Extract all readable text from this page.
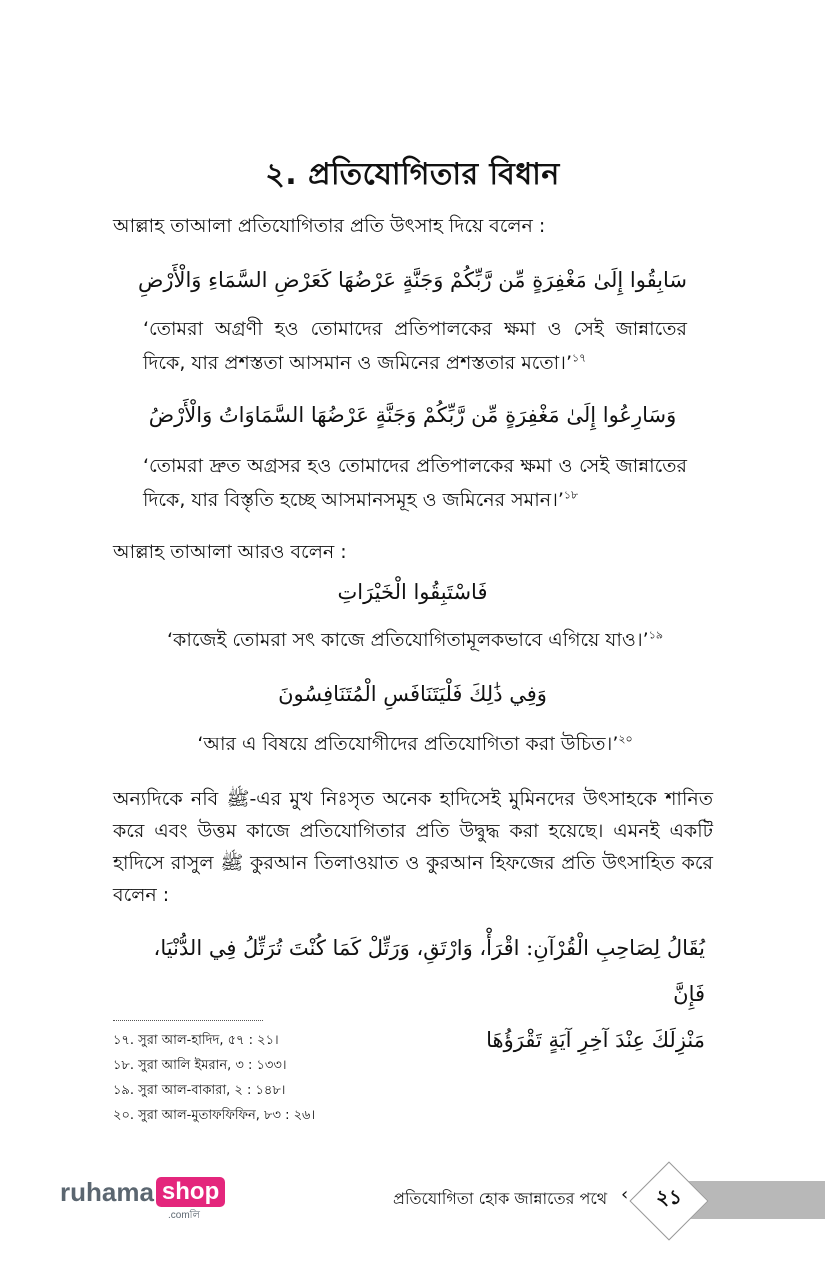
২. প্রতিযোগিতার বিধান
আল্লাহ তাআলা প্রতিযোগিতার প্রতি উৎসাহ দিয়ে বলেন :
سَابِقُوا إِلَىٰ مَغْفِرَةٍ مِّن رَّبِّكُمْ وَجَنَّةٍ عَرْضُهَا كَعَرْضِ السَّمَاءِ وَالْأَرْضِ
‘তোমরা অগ্রণী হও তোমাদের প্রতিপালকের ক্ষমা ও সেই জান্নাতের দিকে, যার প্রশস্ততা আসমান ও জমিনের প্রশস্ততার মতো।’$^{১৭}$
وَسَارِعُوا إِلَىٰ مَغْفِرَةٍ مِّن رَّبِّكُمْ وَجَنَّةٍ عَرْضُهَا السَّمَاوَاتُ وَالْأَرْضُ
‘তোমরা দ্রুত অগ্রসর হও তোমাদের প্রতিপালকের ক্ষমা ও সেই জান্নাতের দিকে, যার বিস্তৃতি হচ্ছে আসমানসমূহ ও জমিনের সমান।’$^{১৮}$
আল্লাহ তাআলা আরও বলেন :
فَاسْتَبِقُوا الْخَيْرَاتِ
‘কাজেই তোমরা সৎ কাজে প্রতিযোগিতামূলকভাবে এগিয়ে যাও।’$^{১৯}$
وَفِي ذَٰلِكَ فَلْيَتَنَافَسِ الْمُتَنَافِسُونَ
‘আর এ বিষয়ে প্রতিযোগীদের প্রতিযোগিতা করা উচিত।’$^{২০}$
অন্যদিকে নবি ﷺ-এর মুখ নিঃসৃত অনেক হাদিসেই মুমিনদের উৎসাহকে শানিত করে এবং উত্তম কাজে প্রতিযোগিতার প্রতি উদ্বুদ্ধ করা হয়েছে। এমনই একটি হাদিসে রাসুল ﷺ কুরআন তিলাওয়াত ও কুরআন হিফজের প্রতি উৎসাহিত করে বলেন :
يُقَالُ لِصَاحِبِ الْقُرْآنِ: اقْرَأْ، وَارْتَقِ، وَرَتِّلْ كَمَا كُنْتَ تُرَتِّلُ فِي الدُّنْيَا، فَإِنَّ
مَنْزِلَكَ عِنْدَ آخِرِ آيَةٍ تَقْرَؤُهَا
১৭. সুরা আল-হাদিদ, ৫৭ : ২১।
১৮. সুরা আলি ইমরান, ৩ : ১৩৩।
১৯. সুরা আল-বাকারা, ২ : ১৪৮।
২০. সুরা আল-মুতাফফিফিন, ৮৩ : ২৬।
ruhama shop
.comলি
প্রতিযোগিতা হোক জান্নাতের পথে ‹	২১
